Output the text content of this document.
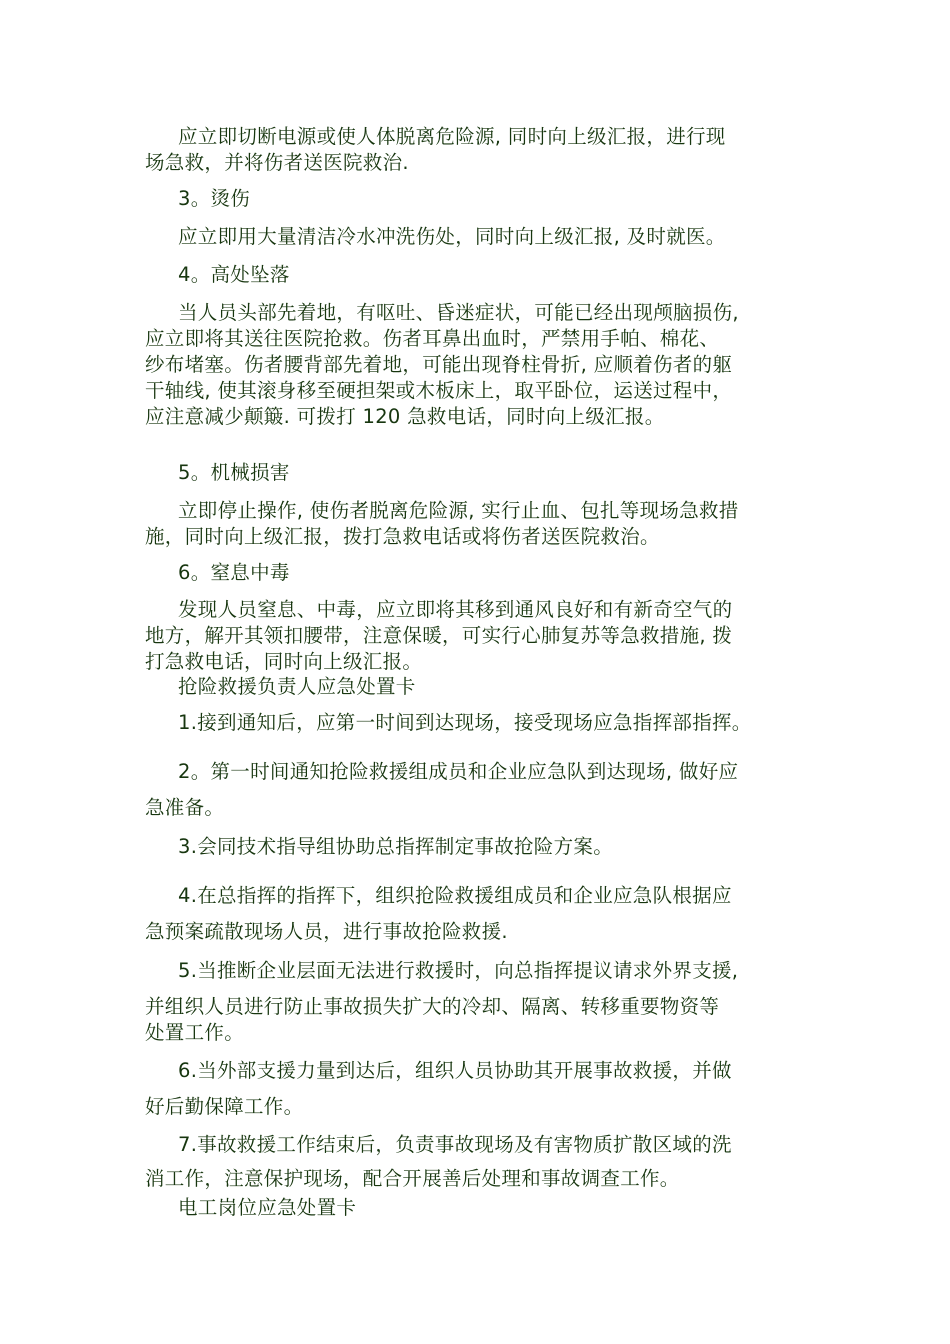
应立即切断电源或使人体脱离危险源, 同时向上级汇报，进行现
场急救，并将伤者送医院救治.
3。烫伤
应立即用大量清洁冷水冲洗伤处，同时向上级汇报, 及时就医。
4。高处坠落
当人员头部先着地，有呕吐、昏迷症状，可能已经出现颅脑损伤,
应立即将其送往医院抢救。伤者耳鼻出血时，严禁用手帕、棉花、
纱布堵塞。伤者腰背部先着地，可能出现脊柱骨折, 应顺着伤者的躯
干轴线, 使其滚身移至硬担架或木板床上，取平卧位，运送过程中，
应注意减少颠簸. 可拨打 120 急救电话，同时向上级汇报。
5。机械损害
立即停止操作, 使伤者脱离危险源, 实行止血、包扎等现场急救措
施，同时向上级汇报，拨打急救电话或将伤者送医院救治。
6。窒息中毒
发现人员窒息、中毒，应立即将其移到通风良好和有新奇空气的
地方，解开其领扣腰带，注意保暖，可实行心肺复苏等急救措施, 拨
打急救电话，同时向上级汇报。
抢险救援负责人应急处置卡
1.接到通知后，应第一时间到达现场，接受现场应急指挥部指挥。
2。第一时间通知抢险救援组成员和企业应急队到达现场, 做好应
急准备。
3.会同技术指导组协助总指挥制定事故抢险方案。
4.在总指挥的指挥下，组织抢险救援组成员和企业应急队根据应
急预案疏散现场人员，进行事故抢险救援.
5.当推断企业层面无法进行救援时，向总指挥提议请求外界支援,
并组织人员进行防止事故损失扩大的冷却、隔离、转移重要物资等
处置工作。
6.当外部支援力量到达后，组织人员协助其开展事故救援，并做
好后勤保障工作。
7.事故救援工作结束后，负责事故现场及有害物质扩散区域的洗
消工作，注意保护现场，配合开展善后处理和事故调查工作。
电工岗位应急处置卡
